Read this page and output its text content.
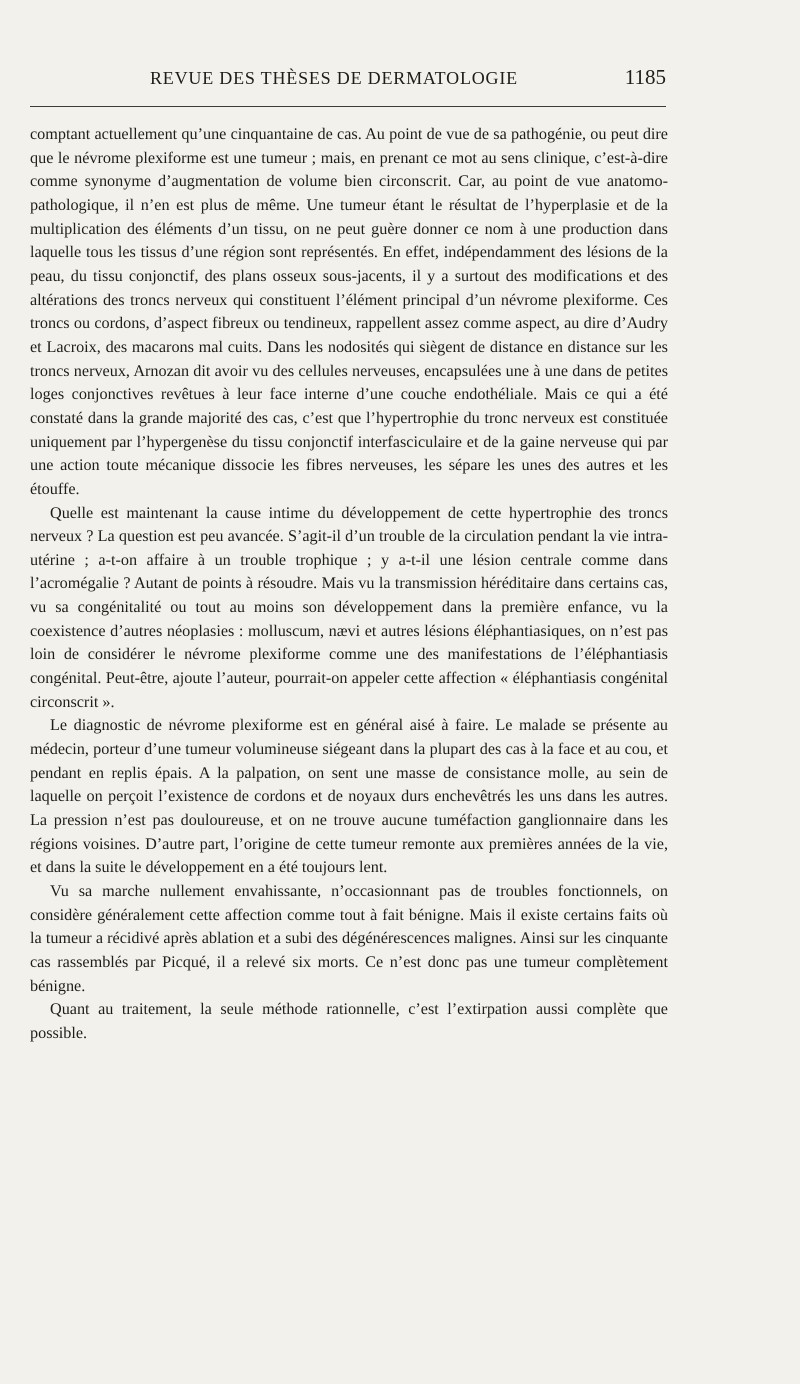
REVUE DES THÈSES DE DERMATOLOGIE	1185

comptant actuellement qu’une cinquantaine de cas. Au point de vue de sa pathogénie, ou peut dire que le névrome plexiforme est une tumeur ; mais, en prenant ce mot au sens clinique, c’est-à-dire comme synonyme d’augmentation de volume bien circonscrit. Car, au point de vue anatomo-pathologique, il n’en est plus de même. Une tumeur étant le résultat de l’hyperplasie et de la multiplication des éléments d’un tissu, on ne peut guère donner ce nom à une production dans laquelle tous les tissus d’une région sont représentés. En effet, indépendamment des lésions de la peau, du tissu conjonctif, des plans osseux sous-jacents, il y a surtout des modifications et des altérations des troncs nerveux qui constituent l’élément principal d’un névrome plexiforme. Ces troncs ou cordons, d’aspect fibreux ou tendineux, rappellent assez comme aspect, au dire d’Audry et Lacroix, des macarons mal cuits. Dans les nodosités qui siègent de distance en distance sur les troncs nerveux, Arnozan dit avoir vu des cellules nerveuses, encapsulées une à une dans de petites loges conjonctives revêtues à leur face interne d’une couche endothéliale. Mais ce qui a été constaté dans la grande majorité des cas, c’est que l’hypertrophie du tronc nerveux est constituée uniquement par l’hypergenèse du tissu conjonctif interfasciculaire et de la gaine nerveuse qui par une action toute mécanique dissocie les fibres nerveuses, les sépare les unes des autres et les étouffe.

Quelle est maintenant la cause intime du développement de cette hypertrophie des troncs nerveux ? La question est peu avancée. S’agit-il d’un trouble de la circulation pendant la vie intra-utérine ; a-t-on affaire à un trouble trophique ; y a-t-il une lésion centrale comme dans l’acromégalie ? Autant de points à résoudre. Mais vu la transmission héréditaire dans certains cas, vu sa congénitalité ou tout au moins son développement dans la première enfance, vu la coexistence d’autres néoplasies : molluscum, nævi et autres lésions éléphantiasiques, on n’est pas loin de considérer le névrome plexiforme comme une des manifestations de l’éléphantiasis congénital. Peut-être, ajoute l’auteur, pourrait-on appeler cette affection « éléphantiasis congénital circonscrit ».

Le diagnostic de névrome plexiforme est en général aisé à faire. Le malade se présente au médecin, porteur d’une tumeur volumineuse siégeant dans la plupart des cas à la face et au cou, et pendant en replis épais. A la palpation, on sent une masse de consistance molle, au sein de laquelle on perçoit l’existence de cordons et de noyaux durs enchevêtrés les uns dans les autres. La pression n’est pas douloureuse, et on ne trouve aucune tuméfaction ganglionnaire dans les régions voisines. D’autre part, l’origine de cette tumeur remonte aux premières années de la vie, et dans la suite le développement en a été toujours lent.

Vu sa marche nullement envahissante, n’occasionnant pas de troubles fonctionnels, on considère généralement cette affection comme tout à fait bénigne. Mais il existe certains faits où la tumeur a récidivé après ablation et a subi des dégénérescences malignes. Ainsi sur les cinquante cas rassemblés par Picqué, il a relevé six morts. Ce n’est donc pas une tumeur complètement bénigne.

Quant au traitement, la seule méthode rationnelle, c’est l’extirpation aussi complète que possible.
